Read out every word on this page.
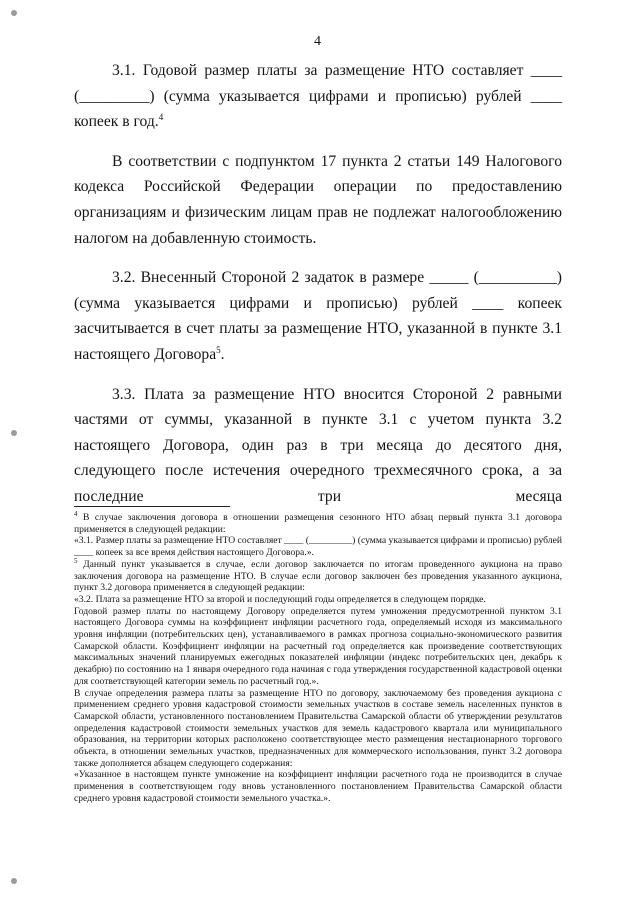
4

3.1. Годовой размер платы за размещение НТО составляет ____ (_________) (сумма указывается цифрами и прописью) рублей ____ копеек в год.$^4$

В соответствии с подпунктом 17 пункта 2 статьи 149 Налогового кодекса Российской Федерации операции по предоставлению организациям и физическим лицам прав не подлежат налогообложению налогом на добавленную стоимость.

3.2. Внесенный Стороной 2 задаток в размере _____ (__________) (сумма указывается цифрами и прописью) рублей ____ копеек засчитывается в счет платы за размещение НТО, указанной в пункте 3.1 настоящего Договора$^5$.

3.3. Плата за размещение НТО вносится Стороной 2 равными частями от суммы, указанной в пункте 3.1 с учетом пункта 3.2 настоящего Договора, один раз в три месяца до десятого дня, следующего после истечения очередного трехмесячного срока, а за последние три месяца

$^4$ В случае заключения договора в отношении размещения сезонного НТО абзац первый пункта 3.1 договора применяется в следующей редакции:

«3.1. Размер платы за размещение НТО составляет ____ (_________) (сумма указывается цифрами и прописью) рублей ____ копеек за все время действия настоящего Договора.».

$^5$ Данный пункт указывается в случае, если договор заключается по итогам проведенного аукциона на право заключения договора на размещение НТО. В случае если договор заключен без проведения указанного аукциона, пункт 3.2 договора применяется в следующей редакции:

«3.2. Плата за размещение НТО за второй и последующий годы определяется в следующем порядке.

Годовой размер платы по настоящему Договору определяется путем умножения предусмотренной пунктом 3.1 настоящего Договора суммы на коэффициент инфляции расчетного года, определяемый исходя из максимального уровня инфляции (потребительских цен), устанавливаемого в рамках прогноза социально-экономического развития Самарской области. Коэффициент инфляции на расчетный год определяется как произведение соответствующих максимальных значений планируемых ежегодных показателей инфляции (индекс потребительских цен, декабрь к декабрю) по состоянию на 1 января очередного года начиная с года утверждения государственной кадастровой оценки для соответствующей категории земель по расчетный год.».

В случае определения размера платы за размещение НТО по договору, заключаемому без проведения аукциона с применением среднего уровня кадастровой стоимости земельных участков в составе земель населенных пунктов в Самарской области, установленного постановлением Правительства Самарской области об утверждении результатов определения кадастровой стоимости земельных участков для земель кадастрового квартала или муниципального образования, на территории которых расположено соответствующее место размещения нестационарного торгового объекта, в отношении земельных участков, предназначенных для коммерческого использования, пункт 3.2 договора также дополняется абзацем следующего содержания:

«Указанное в настоящем пункте умножение на коэффициент инфляции расчетного года не производится в случае применения в соответствующем году вновь установленного постановлением Правительства Самарской области среднего уровня кадастровой стоимости земельного участка.».
